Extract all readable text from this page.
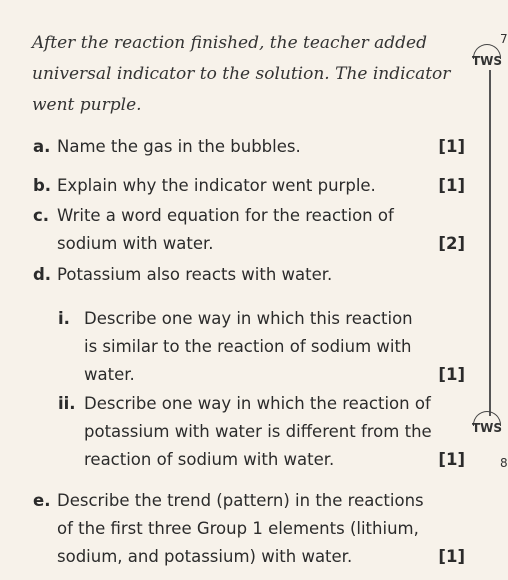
After the reaction finished, the teacher added
universal indicator to the solution. The indicator
went purple.
a. Name the gas in the bubbles.	[1]
b. Explain why the indicator went purple.	[1]
c. Write a word equation for the reaction of
sodium with water.	[2]
d. Potassium also reacts with water.
i. Describe one way in which this reaction
is similar to the reaction of sodium with
water.	[1]
ii. Describe one way in which the reaction of
potassium with water is different from the
reaction of sodium with water.	[1]
e. Describe the trend (pattern) in the reactions
of the first three Group 1 elements (lithium,
sodium, and potassium) with water.	[1]
TWS
TWS
7
8
